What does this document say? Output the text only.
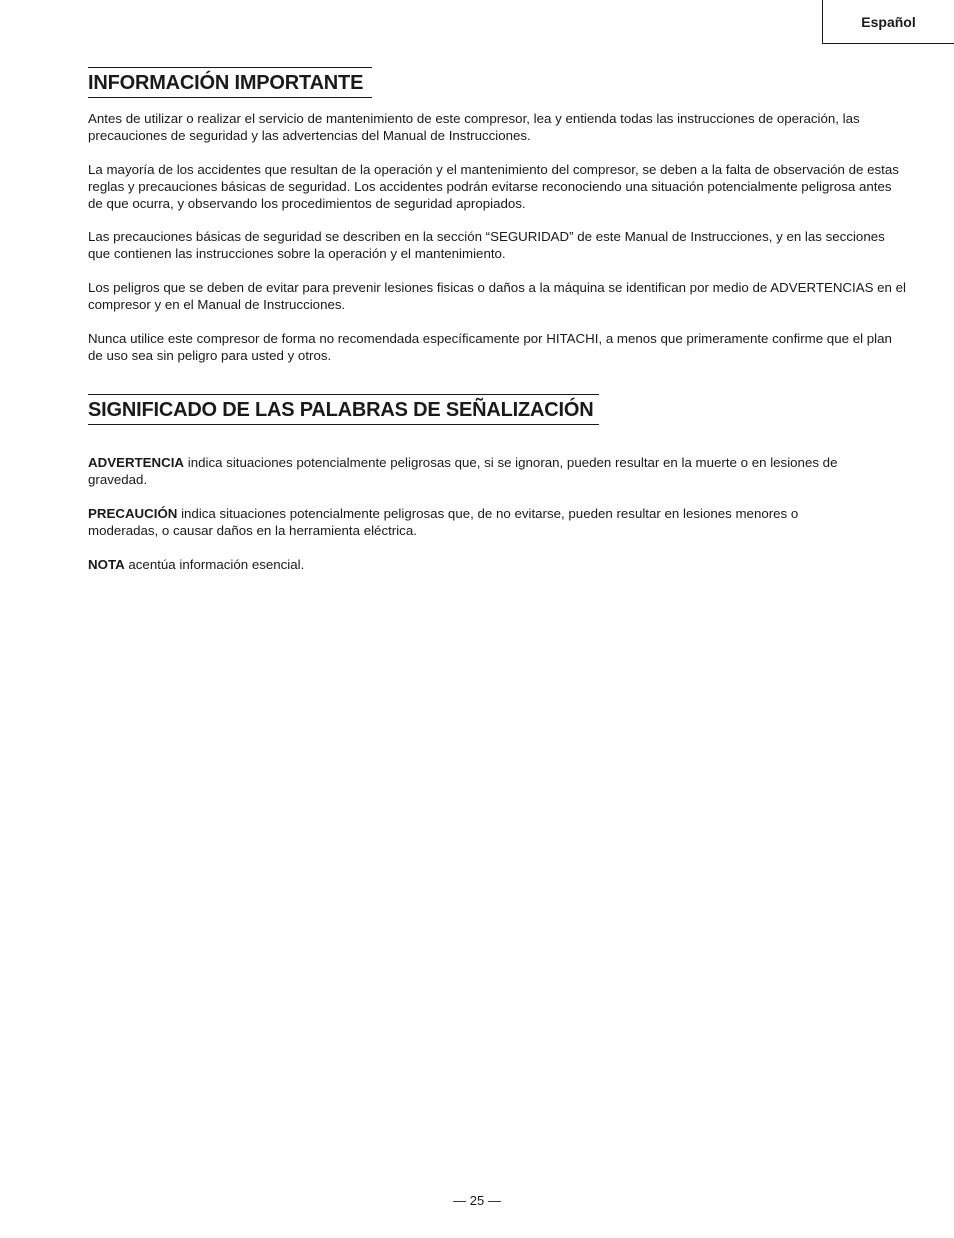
Español
INFORMACIÓN IMPORTANTE

Antes de utilizar o realizar el servicio de mantenimiento de este compresor, lea y entienda todas las instrucciones de operación, las precauciones de seguridad y las advertencias del Manual de Instrucciones.

La mayoría de los accidentes que resultan de la operación y el mantenimiento del compresor, se deben a la falta de observación de estas reglas y precauciones básicas de seguridad. Los accidentes podrán evitarse reconociendo una situación potencialmente peligrosa antes de que ocurra, y observando los procedimientos de seguridad apropiados.

Las precauciones básicas de seguridad se describen en la sección “SEGURIDAD” de este Manual de Instrucciones, y en las secciones que contienen las instrucciones sobre la operación y el mantenimiento.

Los peligros que se deben de evitar para prevenir lesiones fisicas o daños a la máquina se identifican por medio de ADVERTENCIAS en el compresor y en el Manual de Instrucciones.

Nunca utilice este compresor de forma no recomendada específicamente por HITACHI, a menos que primeramente confirme que el plan de uso sea sin peligro para usted y otros.

SIGNIFICADO DE LAS PALABRAS DE SEÑALIZACIÓN

ADVERTENCIA indica situaciones potencialmente peligrosas que, si se ignoran, pueden resultar en la muerte o en lesiones de gravedad.

PRECAUCIÓN indica situaciones potencialmente peligrosas que, de no evitarse, pueden resultar en lesiones menores o moderadas, o causar daños en la herramienta eléctrica.

NOTA acentúa información esencial.

— 25 —
